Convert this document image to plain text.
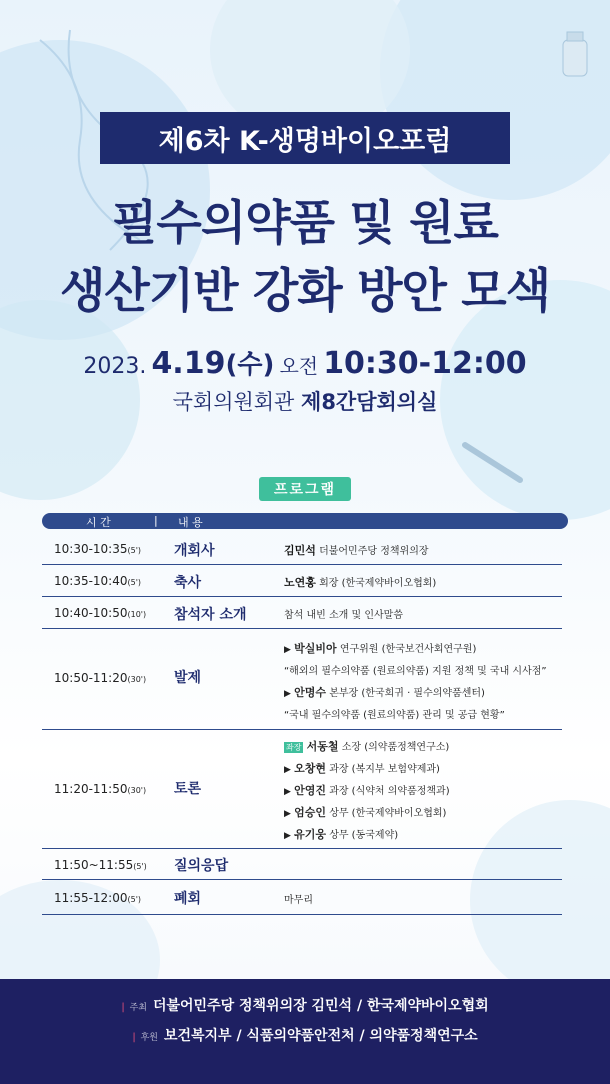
제6차 K-생명바이오포럼
필수의약품 및 원료
생산기반 강화 방안 모색
2023. 4.19(수) 오전 10:30-12:00
국회의원회관 제8간담회의실
프로그램
시 간	| 내 용
10:30-10:35(5') 개회사	김민석 더불어민주당 정책위의장
10:35-10:40(5') 축사	노연홍 회장 (한국제약바이오협회)
10:40-10:50(10') 참석자 소개	참석 내빈 소개 및 인사말씀
10:50-11:20(30') 발제
▶ 박실비아 연구위원 (한국보건사회연구원)
“해외의 필수의약품 (원료의약품) 지원 정책 및 국내 시사점”
▶ 안명수 본부장 (한국희귀 · 필수의약품센터)
“국내 필수의약품 (원료의약품) 관리 및 공급 현황”
11:20-11:50(30') 토론
좌장 서동철 소장 (의약품정책연구소)
▶ 오창현 과장 (복지부 보험약제과)
▶ 안영진 과장 (식약처 의약품정책과)
▶ 엄승인 상무 (한국제약바이오협회)
▶ 유기웅 상무 (동국제약)
11:50~11:55(5') 질의응답
11:55-12:00(5') 폐회	마무리
| 주최 더불어민주당 정책위의장 김민석 / 한국제약바이오협회
| 후원 보건복지부 / 식품의약품안전처 / 의약품정책연구소
